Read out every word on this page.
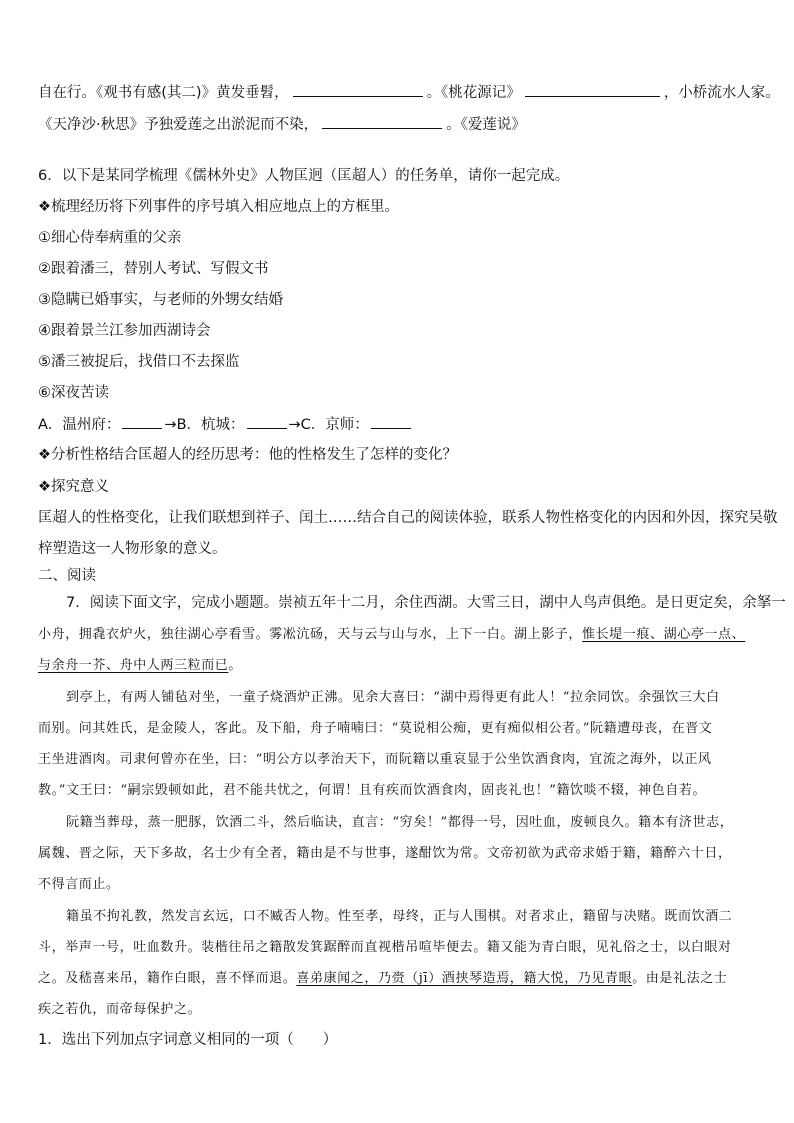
自在行。《观书有感(其二)》黄发垂髫，	。《桃花源记》	，小桥流水人家。
《天净沙·秋思》予独爱莲之出淤泥而不染，	。《爱莲说》
6．以下是某同学梳理《儒林外史》人物匡迥（匡超人）的任务单，请你一起完成。
❖梳理经历将下列事件的序号填入相应地点上的方框里。
①细心侍奉病重的父亲
②跟着潘三，替别人考试、写假文书
③隐瞒已婚事实，与老师的外甥女结婚
④跟着景兰江参加西湖诗会
⑤潘三被捉后，找借口不去探监
⑥深夜苦读
A．温州府：	→B．杭城：	→C．京师：
❖分析性格结合匡超人的经历思考：他的性格发生了怎样的变化？
❖探究意义
匡超人的性格变化，让我们联想到祥子、闰土……结合自己的阅读体验，联系人物性格变化的内因和外因，探究吴敬
梓塑造这一人物形象的意义。
二、阅读
7．阅读下面文字，完成小题题。崇祯五年十二月，余住西湖。大雪三日，湖中人鸟声俱绝。是日更定矣，余拏一
小舟，拥毳衣炉火，独往湖心亭看雪。雾凇沆砀，天与云与山与水，上下一白。湖上影子，惟长堤一痕、湖心亭一点、
与余舟一芥、舟中人两三粒而已。
到亭上，有两人铺毡对坐，一童子烧酒炉正沸。见余大喜曰：“湖中焉得更有此人！”拉余同饮。余强饮三大白
而别。问其姓氏，是金陵人，客此。及下船，舟子喃喃曰：“莫说相公痴，更有痴似相公者。”阮籍遭母丧，在晋文
王坐进酒肉。司隶何曾亦在坐，曰：“明公方以孝治天下，而阮籍以重哀显于公坐饮酒食肉，宜流之海外，以正风
教。”文王曰：“嗣宗毁顿如此，君不能共忧之，何谓！且有疾而饮酒食肉，固丧礼也！”籍饮啖不辍，神色自若。
阮籍当葬母，蒸一肥豚，饮酒二斗，然后临诀，直言：“穷矣！”都得一号，因吐血，废顿良久。籍本有济世志，
属魏、晋之际，天下多故，名士少有全者，籍由是不与世事，遂酣饮为常。文帝初欲为武帝求婚于籍，籍醉六十日，
不得言而止。
籍虽不拘礼教，然发言玄远，口不臧否人物。性至孝，母终，正与人围棋。对者求止，籍留与决赌。既而饮酒二
斗，举声一号，吐血数升。装楷往吊之籍散发箕踞醉而直视楷吊喧毕便去。籍又能为青白眼，见礼俗之士，以白眼对
之。及嵇喜来吊，籍作白眼，喜不怿而退。喜弟康闻之，乃赍（jī）酒挟琴造焉，籍大悦，乃见青眼。由是礼法之士
疾之若仇，而帝每保护之。
1．选出下列加点字词意义相同的一项（　　）
